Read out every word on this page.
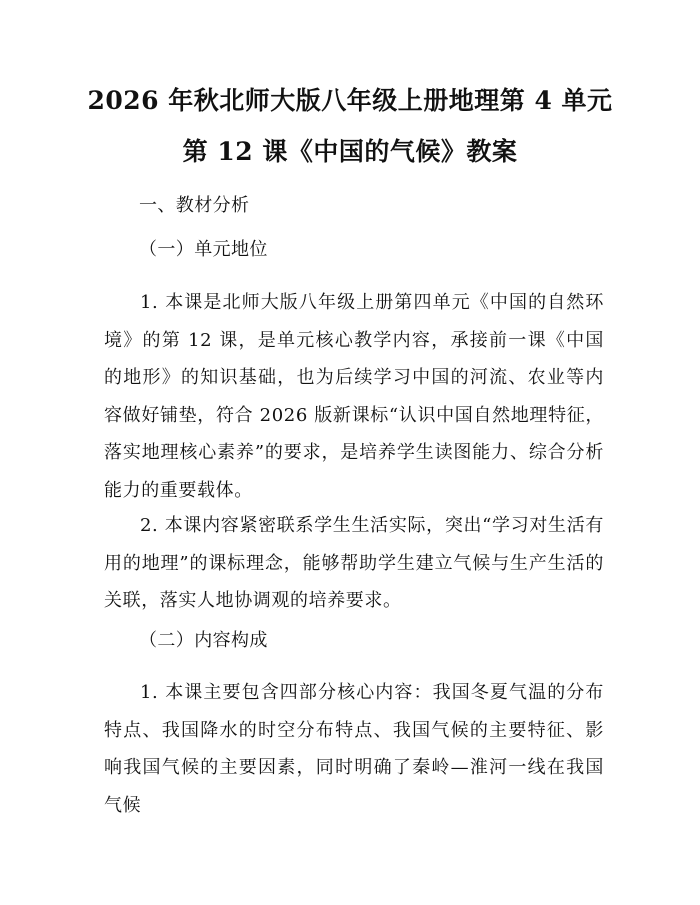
2026 年秋北师大版八年级上册地理第 4 单元
第 12 课《中国的气候》教案
一、教材分析
（一）单元地位
1. 本课是北师大版八年级上册第四单元《中国的自然环境》的第 12 课，是单元核心教学内容，承接前一课《中国的地形》的知识基础，也为后续学习中国的河流、农业等内容做好铺垫，符合 2026 版新课标“认识中国自然地理特征，落实地理核心素养”的要求，是培养学生读图能力、综合分析能力的重要载体。
2. 本课内容紧密联系学生生活实际，突出“学习对生活有用的地理”的课标理念，能够帮助学生建立气候与生产生活的关联，落实人地协调观的培养要求。
（二）内容构成
1. 本课主要包含四部分核心内容：我国冬夏气温的分布特点、我国降水的时空分布特点、我国气候的主要特征、影响我国气候的主要因素，同时明确了秦岭—淮河一线在我国气候
